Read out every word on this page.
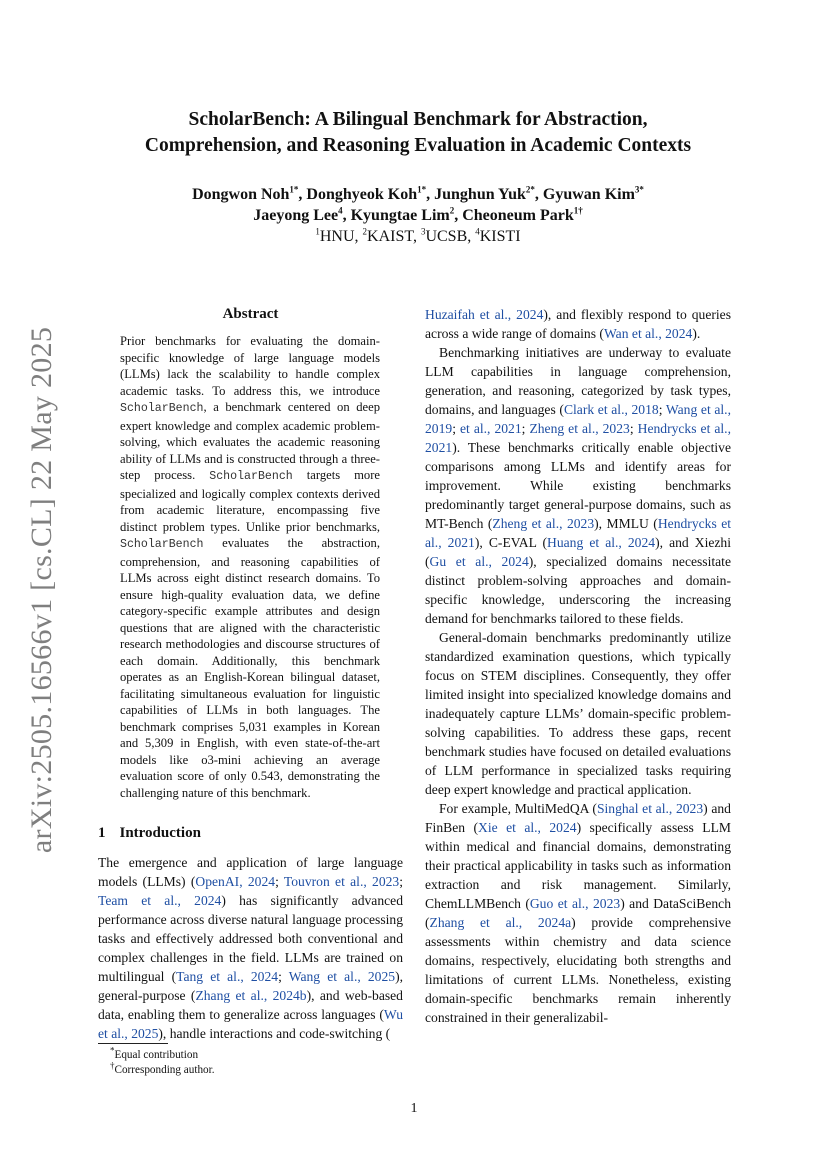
arXiv:2505.16566v1 [cs.CL] 22 May 2025
ScholarBench: A Bilingual Benchmark for Abstraction,
Comprehension, and Reasoning Evaluation in Academic Contexts
Dongwon Noh$^{1*}$, Donghyeok Koh$^{1*}$, Junghun Yuk$^{2*}$, Gyuwan Kim$^{3*}$
Jaeyong Lee$^4$, Kyungtae Lim$^2$, Cheoneum Park$^{1\dagger}$
$^1$HNU, $^2$KAIST, $^3$UCSB, $^4$KISTI
Abstract
Prior benchmarks for evaluating the domain-specific knowledge of large language models (LLMs) lack the scalability to handle complex academic tasks. To address this, we introduce ScholarBench, a benchmark centered on deep expert knowledge and complex academic problem-solving, which evaluates the academic reasoning ability of LLMs and is constructed through a three-step process. ScholarBench targets more specialized and logically complex contexts derived from academic literature, encompassing five distinct problem types. Unlike prior benchmarks, ScholarBench evaluates the abstraction, comprehension, and reasoning capabilities of LLMs across eight distinct research domains. To ensure high-quality evaluation data, we define category-specific example attributes and design questions that are aligned with the characteristic research methodologies and discourse structures of each domain. Additionally, this benchmark operates as an English-Korean bilingual dataset, facilitating simultaneous evaluation for linguistic capabilities of LLMs in both languages. The benchmark comprises 5,031 examples in Korean and 5,309 in English, with even state-of-the-art models like o3-mini achieving an average evaluation score of only 0.543, demonstrating the challenging nature of this benchmark.
1 Introduction
The emergence and application of large language models (LLMs) (OpenAI, 2024; Touvron et al., 2023; Team et al., 2024) has significantly advanced performance across diverse natural language processing tasks and effectively addressed both conventional and complex challenges in the field. LLMs are trained on multilingual (Tang et al., 2024; Wang et al., 2025), general-purpose (Zhang et al., 2024b), and web-based data, enabling them to generalize across languages (Wu et al., 2025), handle interactions and code-switching (

Huzaifah et al., 2024), and flexibly respond to queries across a wide range of domains (Wan et al., 2024).

Benchmarking initiatives are underway to evaluate LLM capabilities in language comprehension, generation, and reasoning, categorized by task types, domains, and languages (Clark et al., 2018; Wang et al., 2019; et al., 2021; Zheng et al., 2023; Hendrycks et al., 2021). These benchmarks critically enable objective comparisons among LLMs and identify areas for improvement. While existing benchmarks predominantly target general-purpose domains, such as MT-Bench (Zheng et al., 2023), MMLU (Hendrycks et al., 2021), C-EVAL (Huang et al., 2024), and Xiezhi (Gu et al., 2024), specialized domains necessitate distinct problem-solving approaches and domain-specific knowledge, underscoring the increasing demand for benchmarks tailored to these fields.

General-domain benchmarks predominantly utilize standardized examination questions, which typically focus on STEM disciplines. Consequently, they offer limited insight into specialized knowledge domains and inadequately capture LLMs’ domain-specific problem-solving capabilities. To address these gaps, recent benchmark studies have focused on detailed evaluations of LLM performance in specialized tasks requiring deep expert knowledge and practical application.

For example, MultiMedQA (Singhal et al., 2023) and FinBen (Xie et al., 2024) specifically assess LLM within medical and financial domains, demonstrating their practical applicability in tasks such as information extraction and risk management. Similarly, ChemLLMBench (Guo et al., 2023) and DataSciBench (Zhang et al., 2024a) provide comprehensive assessments within chemistry and data science domains, respectively, elucidating both strengths and limitations of current LLMs. Nonetheless, existing domain-specific benchmarks remain inherently constrained in their generalizabil-

*Equal contribution
†Corresponding author.
1
